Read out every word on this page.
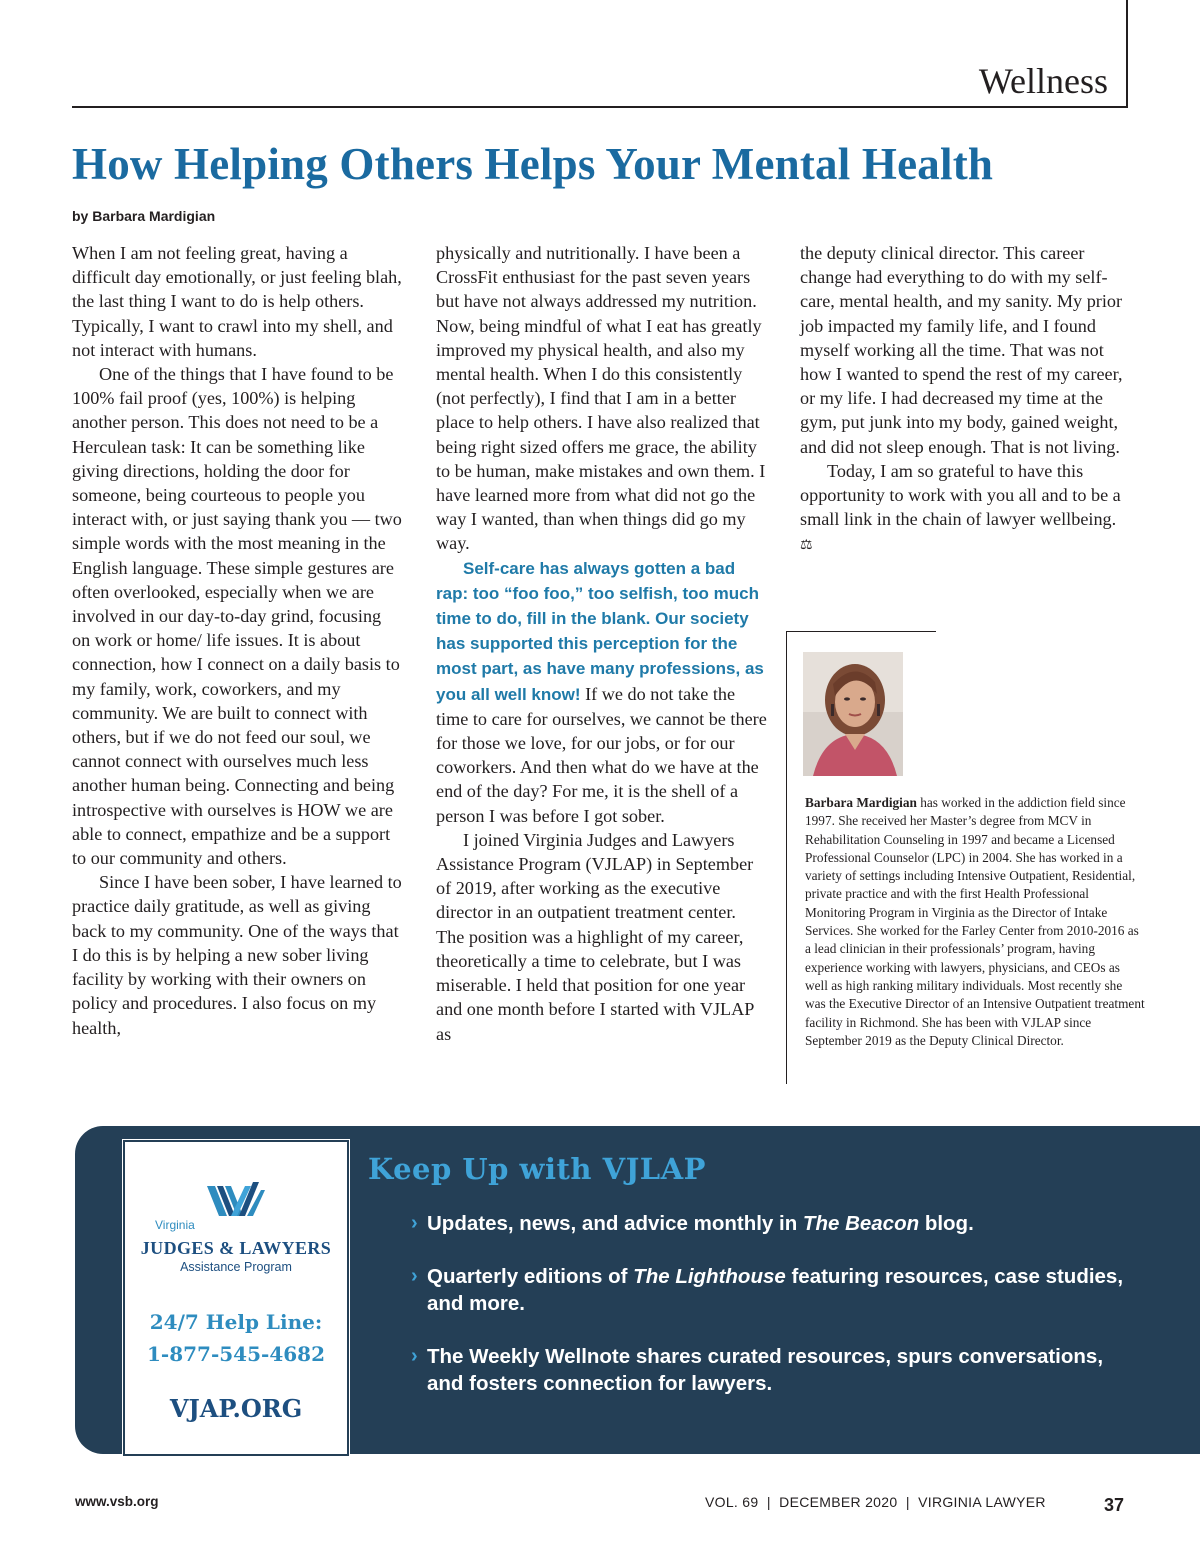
Wellness
How Helping Others Helps Your Mental Health
by Barbara Mardigian

When I am not feeling great, having a difficult day emotionally, or just feeling blah, the last thing I want to do is help others. Typically, I want to crawl into my shell, and not interact with humans.

One of the things that I have found to be 100% fail proof (yes, 100%) is helping another person. This does not need to be a Herculean task: It can be something like giving directions, holding the door for someone, being courteous to people you interact with, or just saying thank you — two simple words with the most meaning in the English language. These simple gestures are often overlooked, especially when we are involved in our day-to-day grind, focusing on work or home/ life issues. It is about connection, how I connect on a daily basis to my family, work, coworkers, and my community. We are built to connect with others, but if we do not feed our soul, we cannot connect with ourselves much less another human being. Connecting and being introspective with ourselves is HOW we are able to connect, empathize and be a support to our community and others.

Since I have been sober, I have learned to practice daily gratitude, as well as giving back to my community. One of the ways that I do this is by helping a new sober living facility by working with their owners on policy and procedures. I also focus on my health,

physically and nutritionally. I have been a CrossFit enthusiast for the past seven years but have not always addressed my nutrition. Now, being mindful of what I eat has greatly improved my physical health, and also my mental health. When I do this consistently (not perfectly), I find that I am in a better place to help others. I have also realized that being right sized offers me grace, the ability to be human, make mistakes and own them. I have learned more from what did not go the way I wanted, than when things did go my way.

Self-care has always gotten a bad rap: too “foo foo,” too selfish, too much time to do, fill in the blank. Our society has supported this perception for the most part, as have many professions, as you all well know! If we do not take the time to care for ourselves, we cannot be there for those we love, for our jobs, or for our coworkers. And then what do we have at the end of the day? For me, it is the shell of a person I was before I got sober.

I joined Virginia Judges and Lawyers Assistance Program (VJLAP) in September of 2019, after working as the executive director in an outpatient treatment center. The position was a highlight of my career, theoretically a time to celebrate, but I was miserable. I held that position for one year and one month before I started with VJLAP as

the deputy clinical director. This career change had everything to do with my self-care, mental health, and my sanity. My prior job impacted my family life, and I found myself working all the time. That was not how I wanted to spend the rest of my career, or my life. I had decreased my time at the gym, put junk into my body, gained weight, and did not sleep enough. That is not living.

Today, I am so grateful to have this opportunity to work with you all and to be a small link in the chain of lawyer wellbeing. ⚖

Barbara Mardigian has worked in the addiction field since 1997. She received her Master’s degree from MCV in Rehabilitation Counseling in 1997 and became a Licensed Professional Counselor (LPC) in 2004. She has worked in a variety of settings including Intensive Outpatient, Residential, private practice and with the first Health Professional Monitoring Program in Virginia as the Director of Intake Services. She worked for the Farley Center from 2010-2016 as a lead clinician in their professionals’ program, having experience working with lawyers, physicians, and CEOs as well as high ranking military individuals. Most recently she was the Executive Director of an Intensive Outpatient treatment facility in Richmond. She has been with VJLAP since September 2019 as the Deputy Clinical Director.
Virginia
JUDGES & LAWYERS
Assistance Program
24/7 Help Line:
1-877-545-4682
VJAP.ORG
Keep Up with VJLAP
› Updates, news, and advice monthly in The Beacon blog.
› Quarterly editions of The Lighthouse featuring resources, case studies, and more.
› The Weekly Wellnote shares curated resources, spurs conversations, and fosters connection for lawyers.
www.vsb.org	VOL. 69  |  DECEMBER 2020  |  VIRGINIA LAWYER	37
